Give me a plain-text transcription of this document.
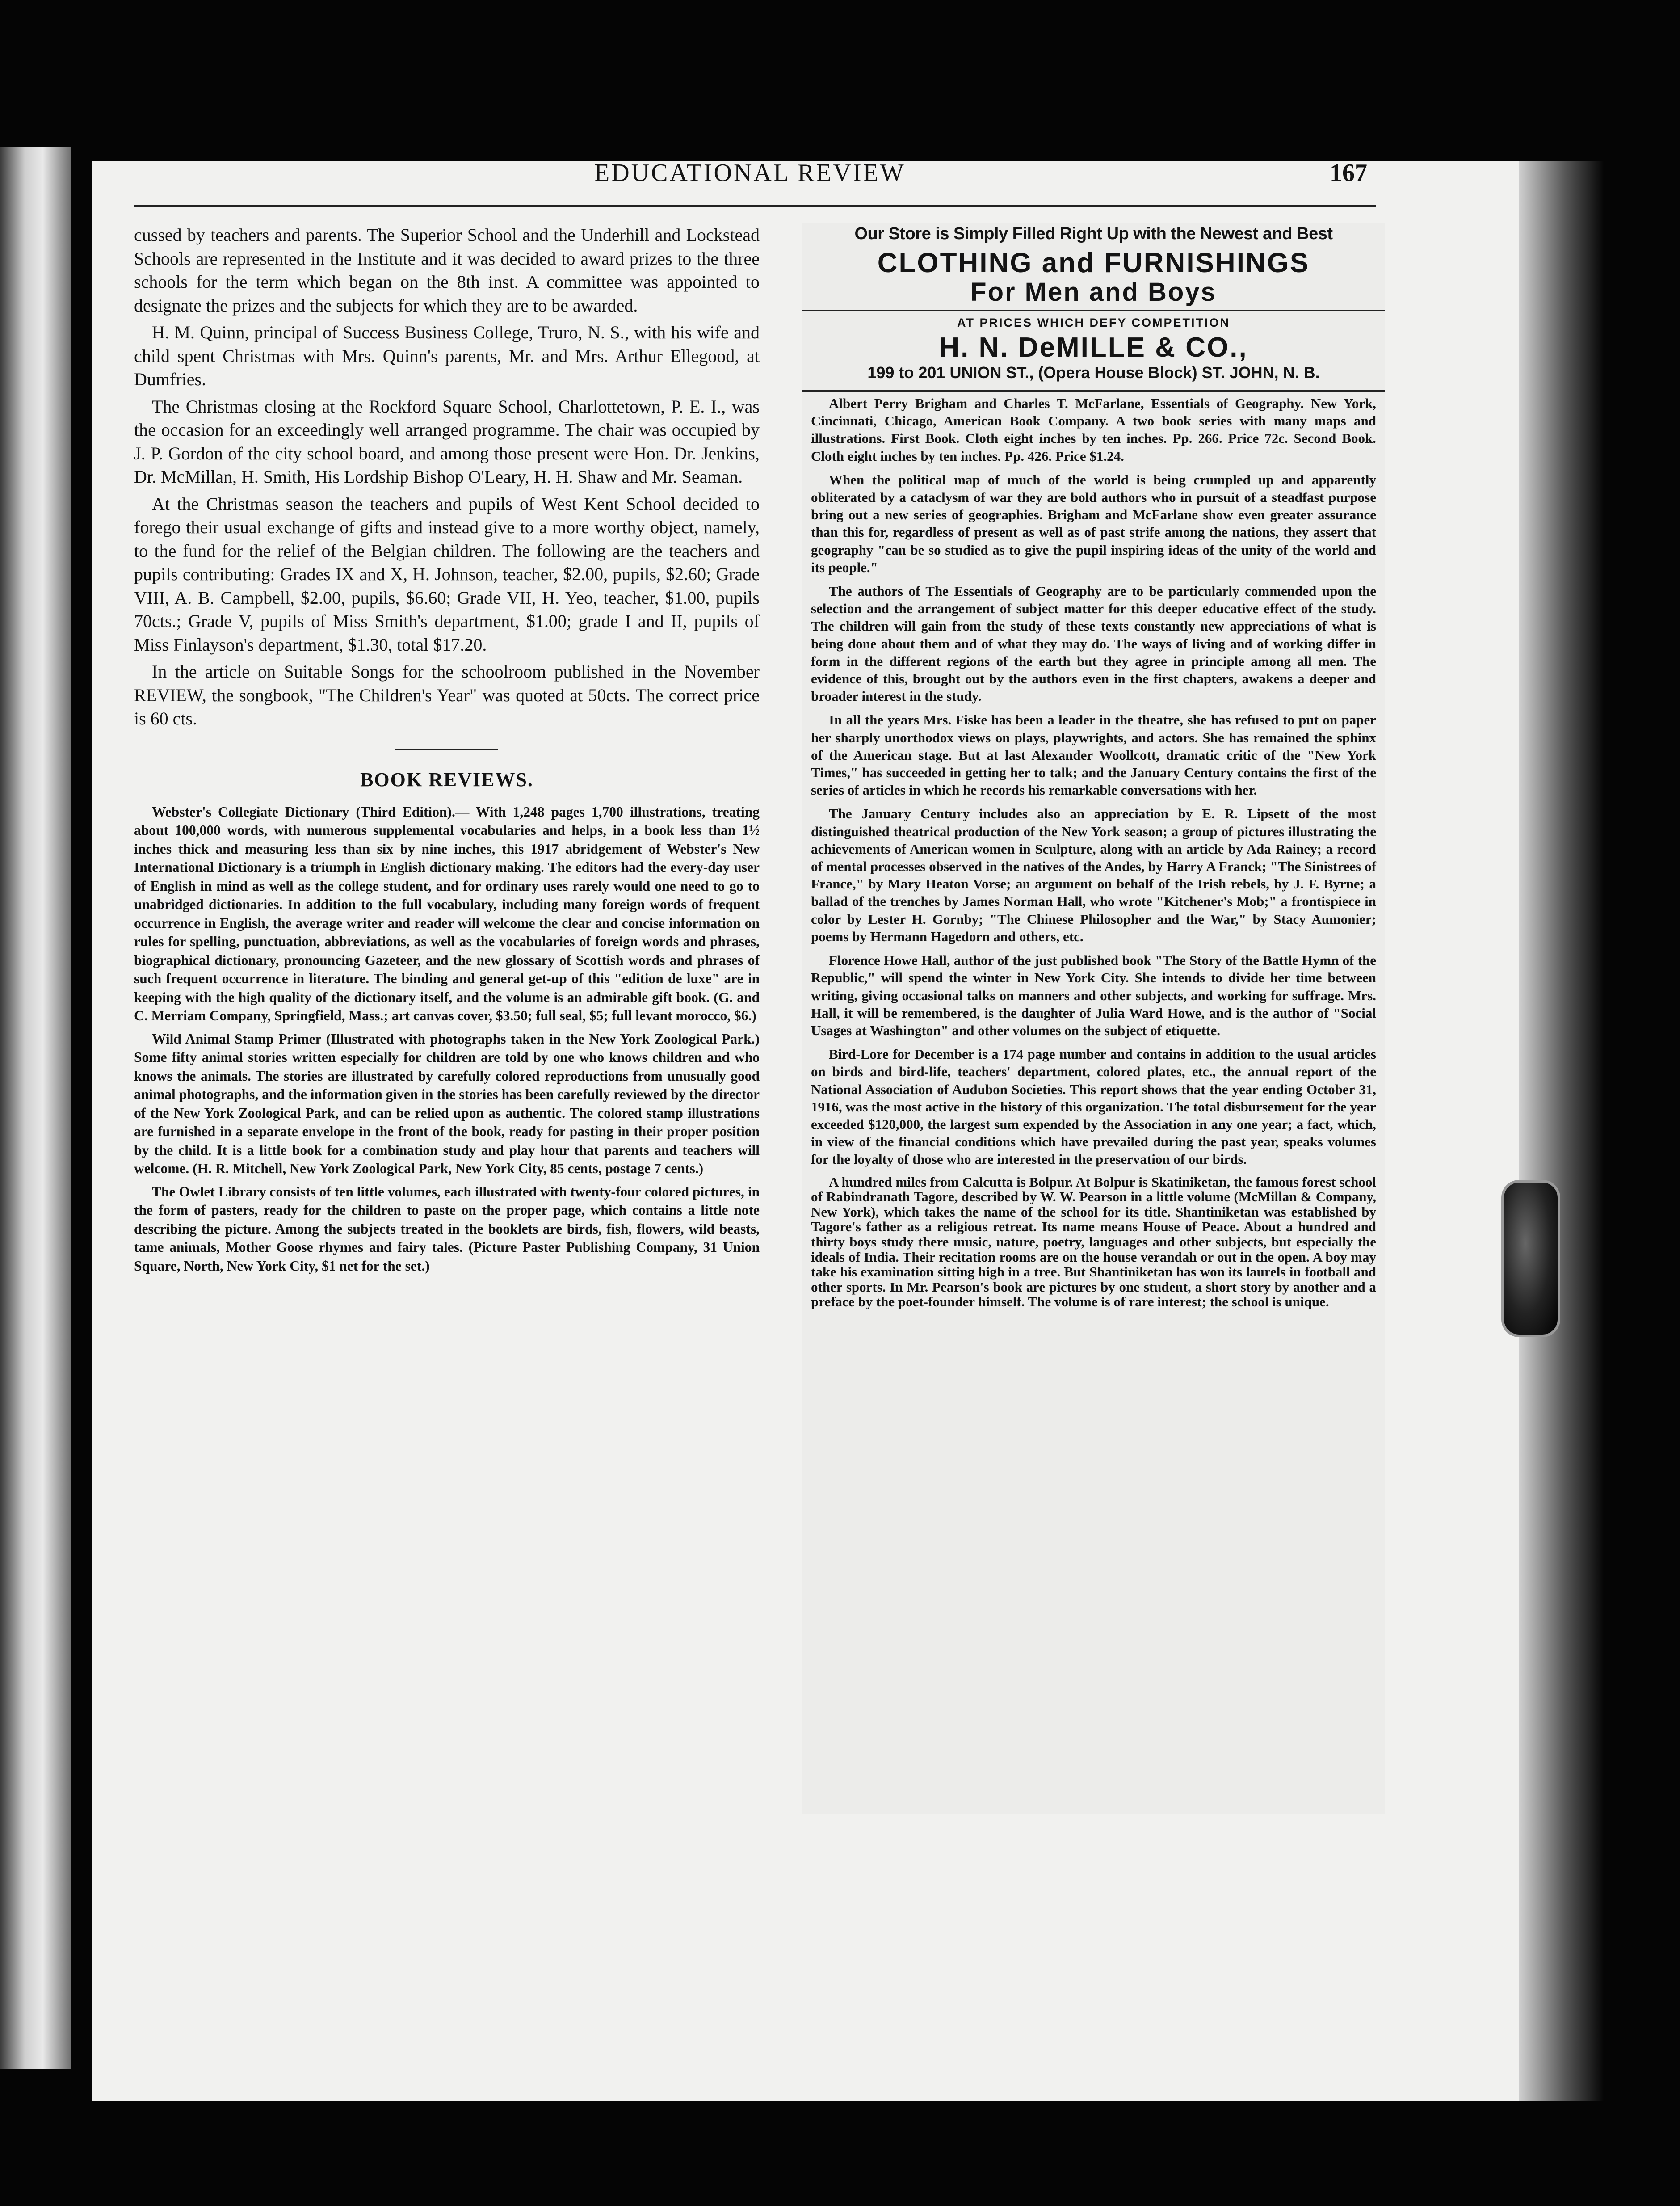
EDUCATIONAL REVIEW	167

cussed by teachers and parents. The Superior School and the Underhill and Lockstead Schools are represented in the Institute and it was decided to award prizes to the three schools for the term which began on the 8th inst. A committee was appointed to designate the prizes and the subjects for which they are to be awarded.

H. M. Quinn, principal of Success Business College, Truro, N. S., with his wife and child spent Christmas with Mrs. Quinn's parents, Mr. and Mrs. Arthur Ellegood, at Dumfries.

The Christmas closing at the Rockford Square School, Charlottetown, P. E. I., was the occasion for an exceedingly well arranged programme. The chair was occupied by J. P. Gordon of the city school board, and among those present were Hon. Dr. Jenkins, Dr. McMillan, H. Smith, His Lordship Bishop O'Leary, H. H. Shaw and Mr. Seaman.

At the Christmas season the teachers and pupils of West Kent School decided to forego their usual exchange of gifts and instead give to a more worthy object, namely, to the fund for the relief of the Belgian children. The following are the teachers and pupils contributing: Grades IX and X, H. Johnson, teacher, $2.00, pupils, $2.60; Grade VIII, A. B. Campbell, $2.00, pupils, $6.60; Grade VII, H. Yeo, teacher, $1.00, pupils 70cts.; Grade V, pupils of Miss Smith's department, $1.00; grade I and II, pupils of Miss Finlayson's department, $1.30, total $17.20.

In the article on Suitable Songs for the schoolroom published in the November REVIEW, the songbook, "The Children's Year" was quoted at 50cts. The correct price is 60 cts.

BOOK REVIEWS.

Webster's Collegiate Dictionary (Third Edition).— With 1,248 pages 1,700 illustrations, treating about 100,000 words, with numerous supplemental vocabularies and helps, in a book less than 1½ inches thick and measuring less than six by nine inches, this 1917 abridgement of Webster's New International Dictionary is a triumph in English dictionary making. The editors had the every-day user of English in mind as well as the college student, and for ordinary uses rarely would one need to go to unabridged dictionaries. In addition to the full vocabulary, including many foreign words of frequent occurrence in English, the average writer and reader will welcome the clear and concise information on rules for spelling, punctuation, abbreviations, as well as the vocabularies of foreign words and phrases, biographical dictionary, pronouncing Gazeteer, and the new glossary of Scottish words and phrases of such frequent occurrence in literature. The binding and general get-up of this "edition de luxe" are in keeping with the high quality of the dictionary itself, and the volume is an admirable gift book. (G. and C. Merriam Company, Springfield, Mass.; art canvas cover, $3.50; full seal, $5; full levant morocco, $6.)

Wild Animal Stamp Primer (Illustrated with photographs taken in the New York Zoological Park.) Some fifty animal stories written especially for children are told by one who knows children and who knows the animals. The stories are illustrated by carefully colored reproductions from unusually good animal photographs, and the information given in the stories has been carefully reviewed by the director of the New York Zoological Park, and can be relied upon as authentic. The colored stamp illustrations are furnished in a separate envelope in the front of the book, ready for pasting in their proper position by the child. It is a little book for a combination study and play hour that parents and teachers will welcome. (H. R. Mitchell, New York Zoological Park, New York City, 85 cents, postage 7 cents.)

The Owlet Library consists of ten little volumes, each illustrated with twenty-four colored pictures, in the form of pasters, ready for the children to paste on the proper page, which contains a little note describing the picture. Among the subjects treated in the booklets are birds, fish, flowers, wild beasts, tame animals, Mother Goose rhymes and fairy tales. (Picture Paster Publishing Company, 31 Union Square, North, New York City, $1 net for the set.)

Our Store is Simply Filled Right Up with the Newest and Best
CLOTHING and FURNISHINGS
For Men and Boys
AT PRICES WHICH DEFY COMPETITION
H. N. DeMILLE & CO.,
199 to 201 UNION ST., (Opera House Block) ST. JOHN, N. B.

Albert Perry Brigham and Charles T. McFarlane, Essentials of Geography. New York, Cincinnati, Chicago, American Book Company. A two book series with many maps and illustrations. First Book. Cloth eight inches by ten inches. Pp. 266. Price 72c. Second Book. Cloth eight inches by ten inches. Pp. 426. Price $1.24.

When the political map of much of the world is being crumpled up and apparently obliterated by a cataclysm of war they are bold authors who in pursuit of a steadfast purpose bring out a new series of geographies. Brigham and McFarlane show even greater assurance than this for, regardless of present as well as of past strife among the nations, they assert that geography "can be so studied as to give the pupil inspiring ideas of the unity of the world and its people."

The authors of The Essentials of Geography are to be particularly commended upon the selection and the arrangement of subject matter for this deeper educative effect of the study. The children will gain from the study of these texts constantly new appreciations of what is being done about them and of what they may do. The ways of living and of working differ in form in the different regions of the earth but they agree in principle among all men. The evidence of this, brought out by the authors even in the first chapters, awakens a deeper and broader interest in the study.

In all the years Mrs. Fiske has been a leader in the theatre, she has refused to put on paper her sharply unorthodox views on plays, playwrights, and actors. She has remained the sphinx of the American stage. But at last Alexander Woollcott, dramatic critic of the "New York Times," has succeeded in getting her to talk; and the January Century contains the first of the series of articles in which he records his remarkable conversations with her.

The January Century includes also an appreciation by E. R. Lipsett of the most distinguished theatrical production of the New York season; a group of pictures illustrating the achievements of American women in Sculpture, along with an article by Ada Rainey; a record of mental processes observed in the natives of the Andes, by Harry A Franck; "The Sinistrees of France," by Mary Heaton Vorse; an argument on behalf of the Irish rebels, by J. F. Byrne; a ballad of the trenches by James Norman Hall, who wrote "Kitchener's Mob;" a frontispiece in color by Lester H. Gornby; "The Chinese Philosopher and the War," by Stacy Aumonier; poems by Hermann Hagedorn and others, etc.

Florence Howe Hall, author of the just published book "The Story of the Battle Hymn of the Republic," will spend the winter in New York City. She intends to divide her time between writing, giving occasional talks on manners and other subjects, and working for suffrage. Mrs. Hall, it will be remembered, is the daughter of Julia Ward Howe, and is the author of "Social Usages at Washington" and other volumes on the subject of etiquette.

Bird-Lore for December is a 174 page number and contains in addition to the usual articles on birds and bird-life, teachers' department, colored plates, etc., the annual report of the National Association of Audubon Societies. This report shows that the year ending October 31, 1916, was the most active in the history of this organization. The total disbursement for the year exceeded $120,000, the largest sum expended by the Association in any one year; a fact, which, in view of the financial conditions which have prevailed during the past year, speaks volumes for the loyalty of those who are interested in the preservation of our birds.

A hundred miles from Calcutta is Bolpur. At Bolpur is Skatiniketan, the famous forest school of Rabindranath Tagore, described by W. W. Pearson in a little volume (McMillan & Company, New York), which takes the name of the school for its title. Shantiniketan was established by Tagore's father as a religious retreat. Its name means House of Peace. About a hundred and thirty boys study there music, nature, poetry, languages and other subjects, but especially the ideals of India. Their recitation rooms are on the house verandah or out in the open. A boy may take his examination sitting high in a tree. But Shantiniketan has won its laurels in football and other sports. In Mr. Pearson's book are pictures by one student, a short story by another and a preface by the poet-founder himself. The volume is of rare interest; the school is unique.
